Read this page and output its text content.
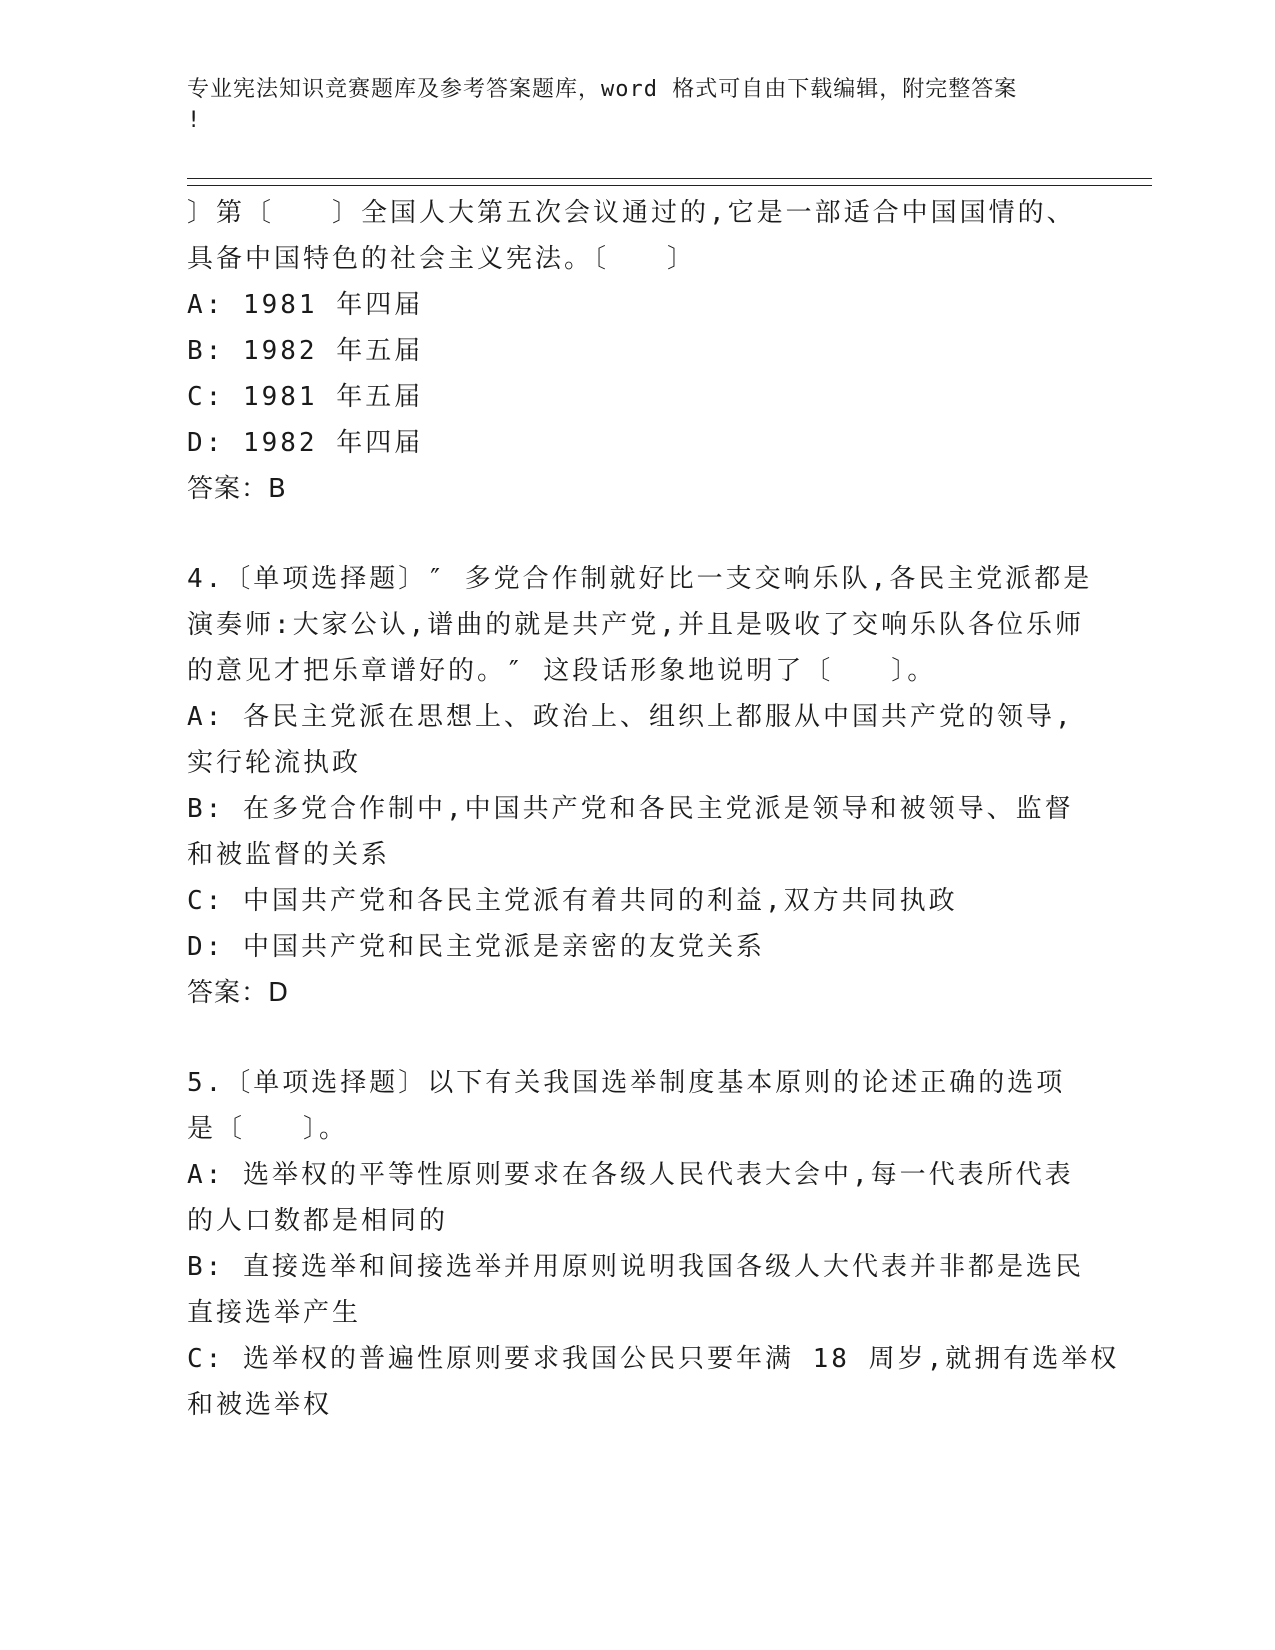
专业宪法知识竞赛题库及参考答案题库，word 格式可自由下载编辑，附完整答案
!
〕第〔　　〕全国人大第五次会议通过的,它是一部适合中国国情的、
具备中国特色的社会主义宪法。〔　　〕
A: 1981 年四届
B: 1982 年五届
C: 1981 年五届
D: 1982 年四届
答案：B
4.〔单项选择题〕″ 多党合作制就好比一支交响乐队,各民主党派都是
演奏师:大家公认,谱曲的就是共产党,并且是吸收了交响乐队各位乐师
的意见才把乐章谱好的。″ 这段话形象地说明了〔　　〕。
A: 各民主党派在思想上、政治上、组织上都服从中国共产党的领导,
实行轮流执政
B: 在多党合作制中,中国共产党和各民主党派是领导和被领导、监督
和被监督的关系
C: 中国共产党和各民主党派有着共同的利益,双方共同执政
D: 中国共产党和民主党派是亲密的友党关系
答案：D
5.〔单项选择题〕以下有关我国选举制度基本原则的论述正确的选项
是〔　　〕。
A: 选举权的平等性原则要求在各级人民代表大会中,每一代表所代表
的人口数都是相同的
B: 直接选举和间接选举并用原则说明我国各级人大代表并非都是选民
直接选举产生
C: 选举权的普遍性原则要求我国公民只要年满 18 周岁,就拥有选举权
和被选举权
